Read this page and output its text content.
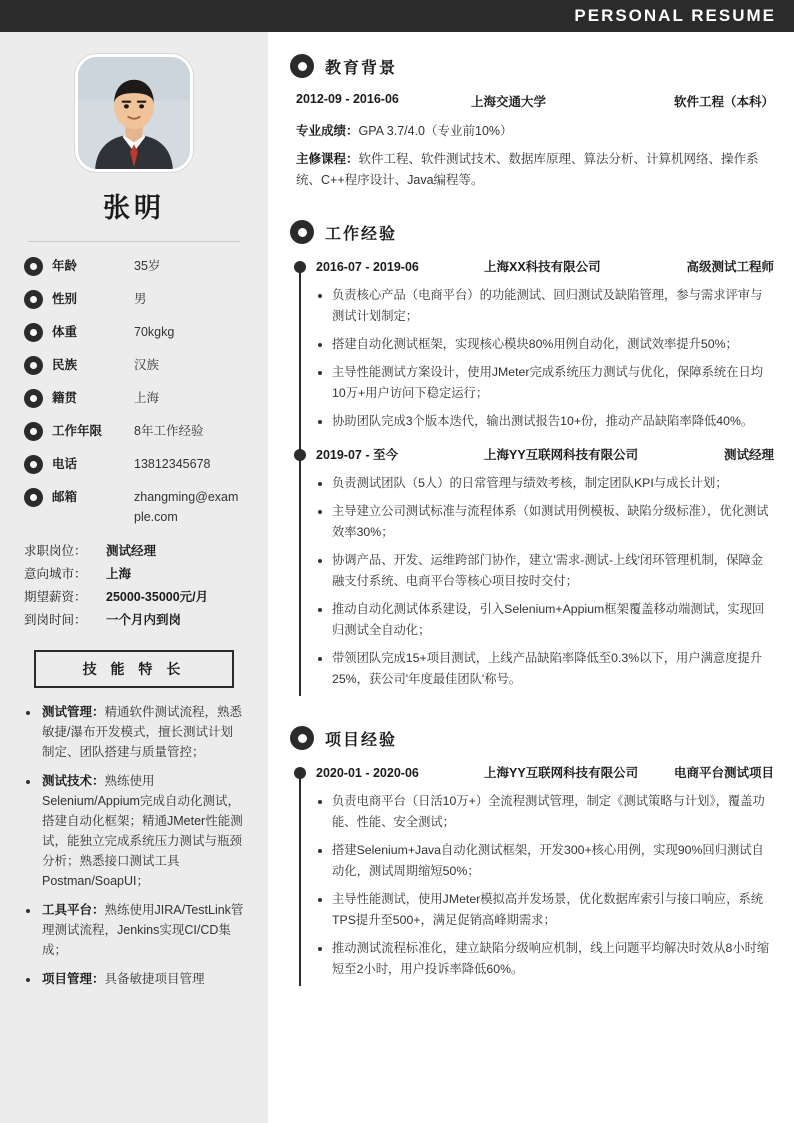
PERSONAL RESUME
张明
年龄	35岁
性别	男
体重	70kgkg
民族	汉族
籍贯	上海
工作年限	8年工作经验
电话	13812345678
邮箱	zhangming@example.com
求职岗位：	测试经理
意向城市：	上海
期望薪资：	25000-35000元/月
到岗时间：	一个月内到岗
技 能 特 长
• 测试管理：精通软件测试流程，熟悉敏捷/瀑布开发模式，擅长测试计划制定、团队搭建与质量管控；
• 测试技术：熟练使用Selenium/Appium完成自动化测试，搭建自动化框架；精通JMeter性能测试，能独立完成系统压力测试与瓶颈分析；熟悉接口测试工具Postman/SoapUI；
• 工具平台：熟练使用JIRA/TestLink管理测试流程，Jenkins实现CI/CD集成；
• 项目管理：具备敏捷项目管理
教育背景
2012-09 - 2016-06	上海交通大学	软件工程（本科）
专业成绩：GPA 3.7/4.0（专业前10%）
主修课程：软件工程、软件测试技术、数据库原理、算法分析、计算机网络、操作系统、C++程序设计、Java编程等。
工作经验
2016-07 - 2019-06	上海XX科技有限公司	高级测试工程师
• 负责核心产品（电商平台）的功能测试、回归测试及缺陷管理，参与需求评审与测试计划制定；
• 搭建自动化测试框架，实现核心模块80%用例自动化，测试效率提升50%；
• 主导性能测试方案设计，使用JMeter完成系统压力测试与优化，保障系统在日均10万+用户访问下稳定运行；
• 协助团队完成3个版本迭代，输出测试报告10+份，推动产品缺陷率降低40%。
2019-07 - 至今	上海YY互联网科技有限公司	测试经理
• 负责测试团队（5人）的日常管理与绩效考核，制定团队KPI与成长计划；
• 主导建立公司测试标准与流程体系（如测试用例模板、缺陷分级标准），优化测试效率30%；
• 协调产品、开发、运维跨部门协作，建立'需求-测试-上线'闭环管理机制，保障金融支付系统、电商平台等核心项目按时交付；
• 推动自动化测试体系建设，引入Selenium+Appium框架覆盖移动端测试，实现回归测试全自动化；
• 带领团队完成15+项目测试，上线产品缺陷率降低至0.3%以下，用户满意度提升25%，获公司'年度最佳团队'称号。
项目经验
2020-01 - 2020-06	上海YY互联网科技有限公司	电商平台测试项目
• 负责电商平台（日活10万+）全流程测试管理，制定《测试策略与计划》，覆盖功能、性能、安全测试；
• 搭建Selenium+Java自动化测试框架，开发300+核心用例，实现90%回归测试自动化，测试周期缩短50%；
• 主导性能测试，使用JMeter模拟高并发场景，优化数据库索引与接口响应，系统TPS提升至500+，满足促销高峰期需求；
• 推动测试流程标准化，建立缺陷分级响应机制，线上问题平均解决时效从8小时缩短至2小时，用户投诉率降低60%。
